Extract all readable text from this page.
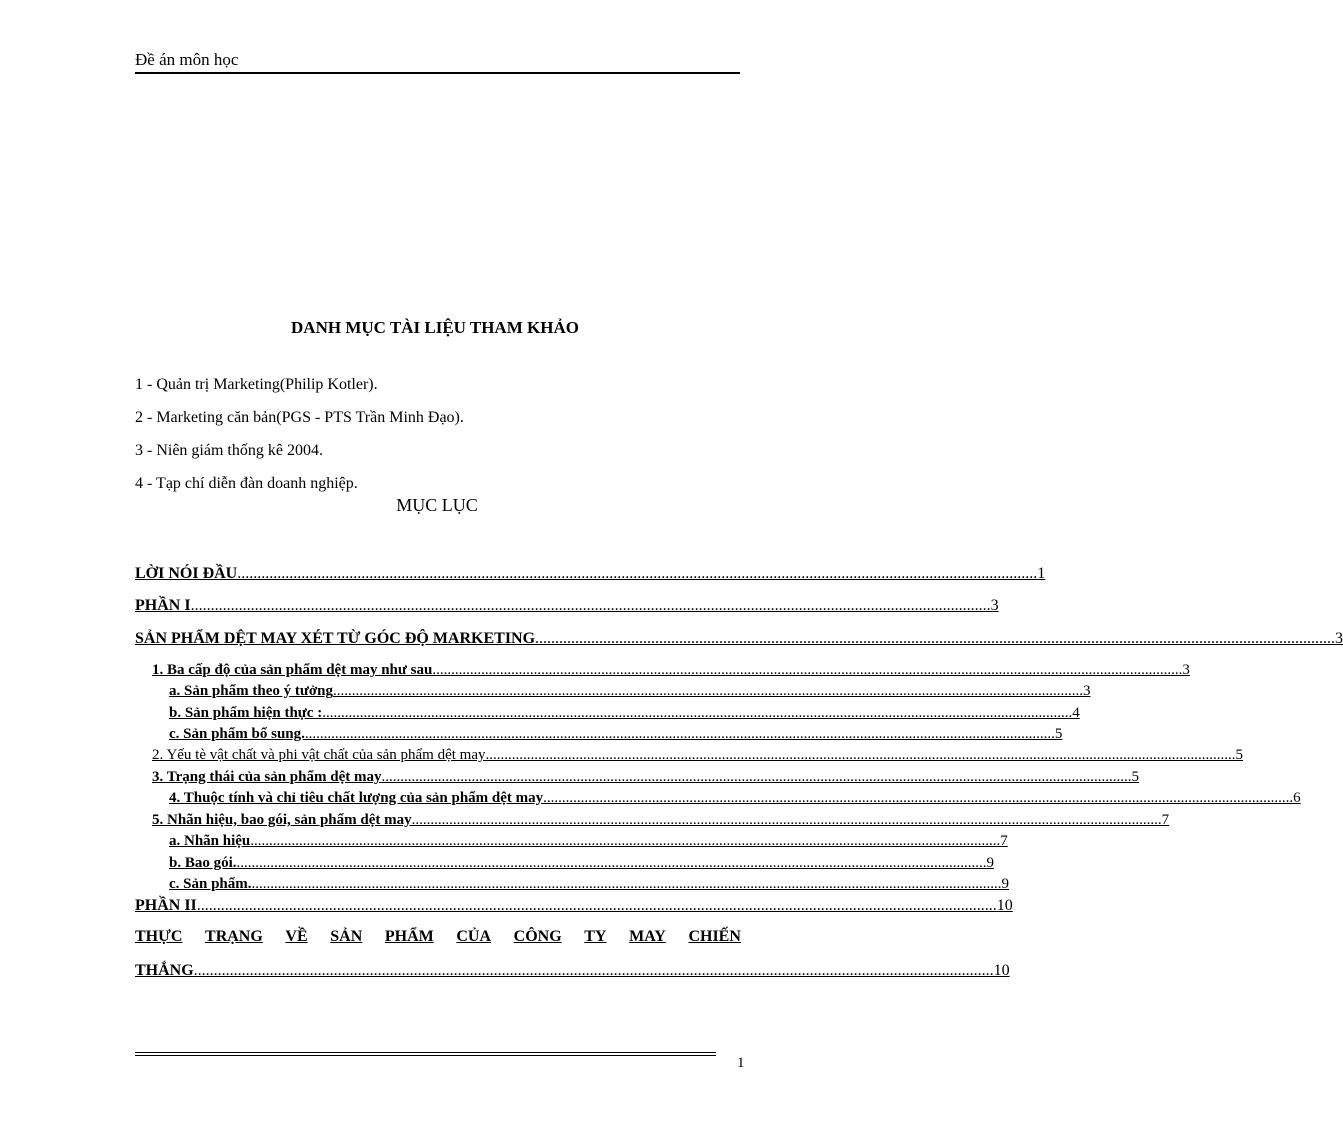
Đề án môn học
DANH MỤC TÀI LIỆU THAM KHẢO
1 - Quản trị Marketing(Philip Kotler).
2 - Marketing căn bản(PGS - PTS Trần Minh Đạo).
3 - Niên giám thống kê 2004.
4 - Tạp chí diễn đàn doanh nghiệp.
MỤC LỤC
LỜI NÓI ĐẦU ........................................................................................................................................................................................................ 1
PHẦN I ........................................................................................................................................................................................................ 3
SẢN PHẨM DỆT MAY XÉT TỪ GÓC ĐỘ MARKETING ........................................................................................................................................................................................................ 3
1. Ba cấp độ của sản phẩm dệt may như sau ........................................................................................................................................................................................................ 3
a. Sản phẩm theo ý tưởng ........................................................................................................................................................................................................ 3
b. Sản phẩm hiện thực : ........................................................................................................................................................................................................ 4
c. Sản phẩm bổ sung. ........................................................................................................................................................................................................ 5
2. Yếu tè vật chất và phi vật chất của sản phẩm dệt may ........................................................................................................................................................................................................ 5
3. Trạng thái của sản phẩm dệt may ........................................................................................................................................................................................................ 5
4. Thuộc tính và chỉ tiêu chất lượng của sản phẩm dệt may ........................................................................................................................................................................................................ 6
5. Nhãn hiệu, bao gói, sản phẩm dệt may ........................................................................................................................................................................................................ 7
a. Nhãn hiệu ........................................................................................................................................................................................................ 7
b. Bao gói. ........................................................................................................................................................................................................ 9
c. Sản phẩm. ........................................................................................................................................................................................................ 9
PHẦN II ........................................................................................................................................................................................................ 10
THỰC TRẠNG VỀ SẢN PHẨM CỦA CÔNG TY MAY CHIẾN
THẮNG ........................................................................................................................................................................................................ 10
1
